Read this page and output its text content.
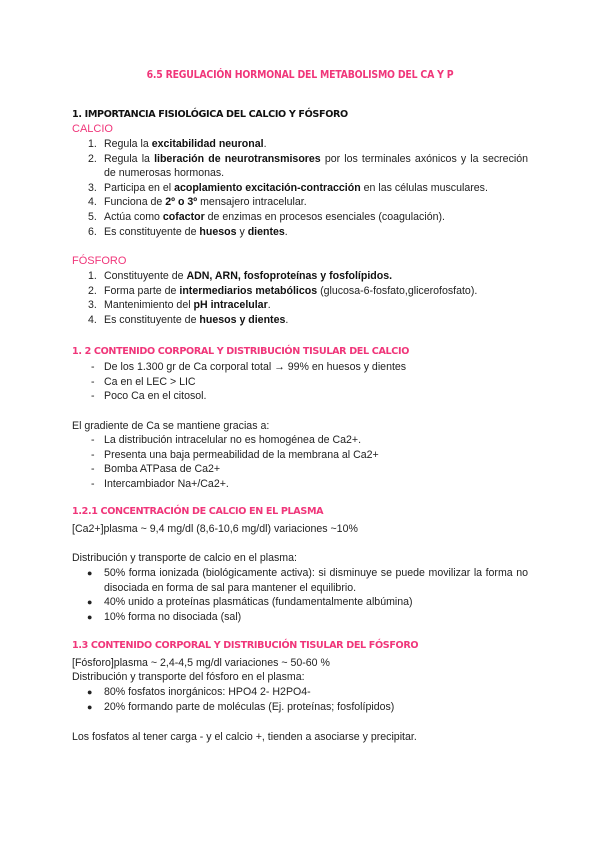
6.5 REGULACIÓN HORMONAL DEL METABOLISMO DEL CA Y P
1. IMPORTANCIA FISIOLÓGICA DEL CALCIO Y FÓSFORO
CALCIO
1. Regula la excitabilidad neuronal.
2. Regula la liberación de neurotransmisores por los terminales axónicos y la secreción de numerosas hormonas.
3. Participa en el acoplamiento excitación-contracción en las células musculares.
4. Funciona de 2º o 3º mensajero intracelular.
5. Actúa como cofactor de enzimas en procesos esenciales (coagulación).
6. Es constituyente de huesos y dientes.
FÓSFORO
1. Constituyente de ADN, ARN, fosfoproteínas y fosfolípidos.
2. Forma parte de intermediarios metabólicos (glucosa-6-fosfato,glicerofosfato).
3. Mantenimiento del pH intracelular.
4. Es constituyente de huesos y dientes.
1. 2 CONTENIDO CORPORAL Y DISTRIBUCIÓN TISULAR DEL CALCIO
- De los 1.300 gr de Ca corporal total → 99% en huesos y dientes
- Ca en el LEC > LIC
- Poco Ca en el citosol.
El gradiente de Ca se mantiene gracias a:
- La distribución intracelular no es homogénea de Ca2+.
- Presenta una baja permeabilidad de la membrana al Ca2+
- Bomba ATPasa de Ca2+
- Intercambiador Na+/Ca2+.
1.2.1 CONCENTRACIÓN DE CALCIO EN EL PLASMA
[Ca2+]plasma ~ 9,4 mg/dl (8,6-10,6 mg/dl) variaciones ~10%
Distribución y transporte de calcio en el plasma:
● 50% forma ionizada (biológicamente activa): si disminuye se puede movilizar la forma no disociada en forma de sal para mantener el equilibrio.
● 40% unido a proteínas plasmáticas (fundamentalmente albúmina)
● 10% forma no disociada (sal)
1.3 CONTENIDO CORPORAL Y DISTRIBUCIÓN TISULAR DEL FÓSFORO
[Fósforo]plasma ~ 2,4-4,5 mg/dl variaciones ~ 50-60 %
Distribución y transporte del fósforo en el plasma:
● 80% fosfatos inorgánicos: HPO4 2- H2PO4-
● 20% formando parte de moléculas (Ej. proteínas; fosfolípidos)
Los fosfatos al tener carga - y el calcio +, tienden a asociarse y precipitar.
